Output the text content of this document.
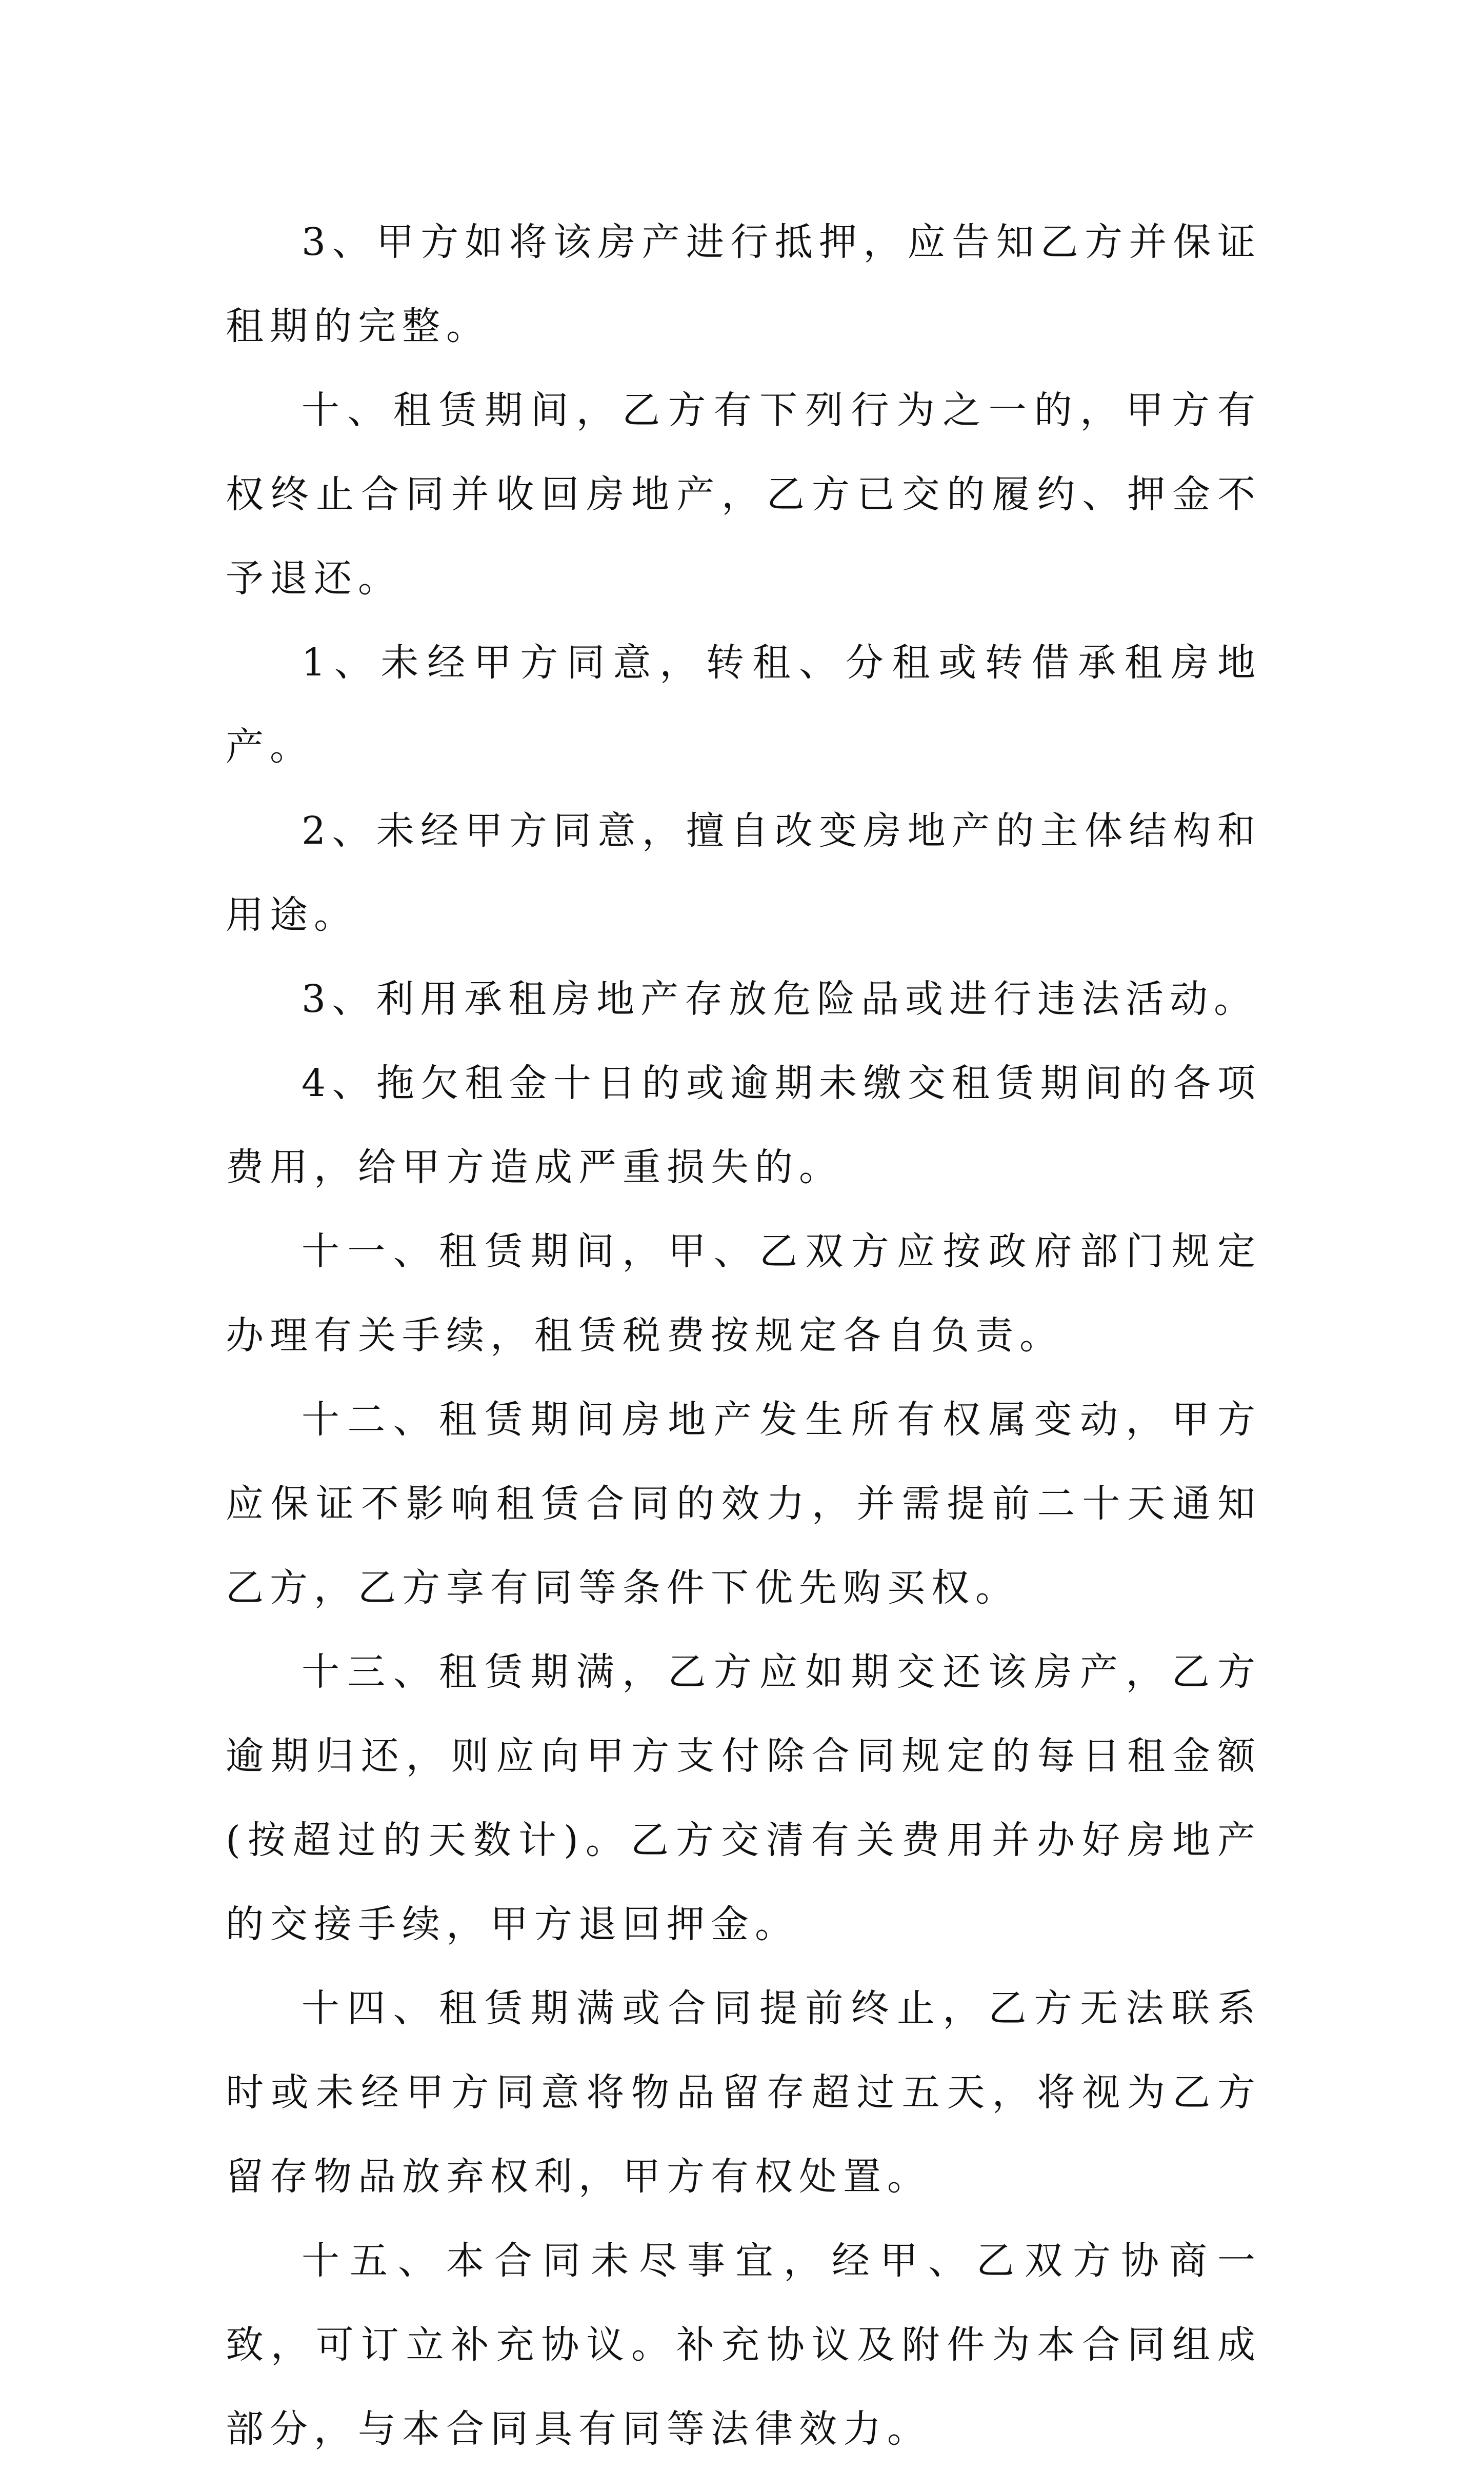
3、甲方如将该房产进行抵押，应告知乙方并保证租期的完整。

十、租赁期间，乙方有下列行为之一的，甲方有权终止合同并收回房地产，乙方已交的履约、押金不予退还。

1、未经甲方同意，转租、分租或转借承租房地产。

2、未经甲方同意，擅自改变房地产的主体结构和用途。

3、利用承租房地产存放危险品或进行违法活动。

4、拖欠租金十日的或逾期未缴交租赁期间的各项费用，给甲方造成严重损失的。

十一、租赁期间，甲、乙双方应按政府部门规定办理有关手续，租赁税费按规定各自负责。

十二、租赁期间房地产发生所有权属变动，甲方应保证不影响租赁合同的效力，并需提前二十天通知乙方，乙方享有同等条件下优先购买权。

十三、租赁期满，乙方应如期交还该房产，乙方逾期归还，则应向甲方支付除合同规定的每日租金额(按超过的天数计)。乙方交清有关费用并办好房地产的交接手续，甲方退回押金。

十四、租赁期满或合同提前终止，乙方无法联系时或未经甲方同意将物品留存超过五天，将视为乙方留存物品放弃权利，甲方有权处置。

十五、本合同未尽事宜，经甲、乙双方协商一致，可订立补充协议。补充协议及附件为本合同组成部分，与本合同具有同等法律效力。
